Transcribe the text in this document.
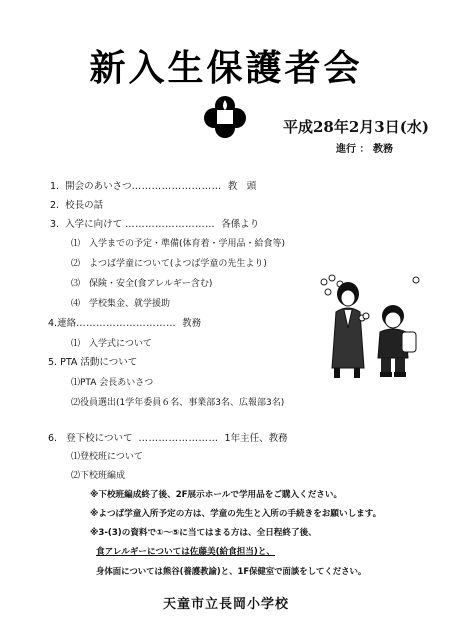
新入生保護者会
平成28年2月3日(水)
進行 ： 教務
1. 開会のあいさつ……………………… 教　頭
2. 校長の話
3. 入学に向けて ……………………… 各係より
⑴　入学までの予定・準備(体育着・学用品・給食等)
⑵　よつば学童について(よつば学童の先生より)
⑶　保険・安全(食アレルギー含む)
⑷　学校集金、就学援助
4.連絡………………………… 教務
⑴　入学式について
5. PTA 活動について
⑴PTA 会長あいさつ
⑵役員選出(1学年委員６名、事業部3名、広報部3名)
6. 登下校について …………………… 1年主任、教務
⑴登校班について
⑵下校班編成
※下校班編成終了後、2F展示ホールで学用品をご購入ください。
※よつば学童入所予定の方は、学童の先生と入所の手続きをお願いします。
※3-(3)の資料で①～⑤に当てはまる方は、全日程終了後、
食アレルギーについては佐藤美(給食担当)と、
身体面については熊谷(養護教諭)と、1F保健室で面談をしてください。
天童市立長岡小学校
